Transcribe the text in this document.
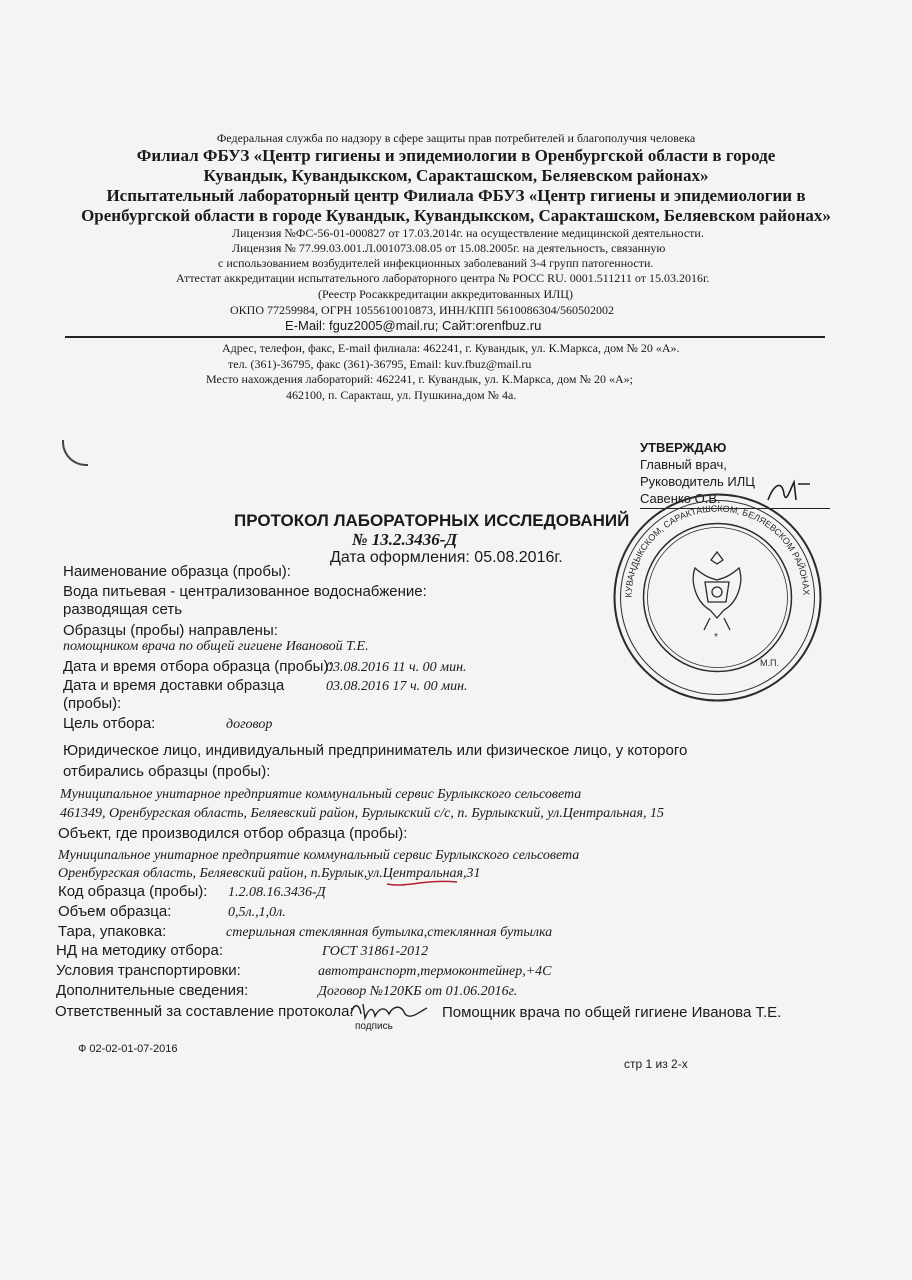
Федеральная служба по надзору в сфере защиты прав потребителей и благополучия человека
Филиал ФБУЗ «Центр гигиены и эпидемиологии в Оренбургской области в городе
Кувандык, Кувандыкском, Саракташском, Беляевском районах»
Испытательный лабораторный центр Филиала ФБУЗ «Центр гигиены и эпидемиологии в
Оренбургской области в городе Кувандык, Кувандыкском, Саракташском, Беляевском районах»
Лицензия №ФС-56-01-000827 от 17.03.2014г. на осуществление медицинской деятельности.
Лицензия № 77.99.03.001.Л.001073.08.05 от 15.08.2005г. на деятельность, связанную
с использованием возбудителей инфекционных заболеваний 3-4 групп патогенности.
Аттестат аккредитации испытательного лабораторного центра № РОСС RU. 0001.511211 от 15.03.2016г.
(Реестр Росаккредитации аккредитованных ИЛЦ)
ОКПО 77259984, ОГРН 1055610010873, ИНН/КПП 5610086304/560502002
E-Mail: fguz2005@mail.ru; Сайт:orenfbuz.ru
Адрес, телефон, факс, E-mail филиала: 462241, г. Кувандык, ул. К.Маркса, дом № 20 «А».
тел. (361)-36795, факс (361)-36795, Email: kuv.fbuz@mail.ru
Место нахождения лабораторий: 462241, г. Кувандык, ул. К.Маркса, дом № 20 «А»;
462100, п. Саракташ, ул. Пушкина,дом № 4а.
УТВЕРЖДАЮ
Главный врач,
Руководитель ИЛЦ
Савенко О.В.
КУВАНДЫКСКОМ, САРАКТАШСКОМ, БЕЛЯЕВСКОМ РАЙОНАХ
*
М.П.
ПРОТОКОЛ ЛАБОРАТОРНЫХ ИССЛЕДОВАНИЙ
№ 13.2.3436-Д
Дата оформления: 05.08.2016г.
Наименование образца (пробы):
Вода питьевая - централизованное водоснабжение:
разводящая сеть
Образцы (пробы) направлены:
помощником врача по общей гигиене Ивановой Т.Е.
Дата и время отбора образца (пробы):
03.08.2016 11 ч. 00 мин.
Дата и время доставки образца	03.08.2016 17 ч. 00 мин.
(пробы):
Цель отбора:	договор
Юридическое лицо, индивидуальный предприниматель или физическое лицо, у которого
отбирались образцы (пробы):
Муниципальное унитарное предприятие коммунальный сервис Бурлыкского сельсовета
461349, Оренбургская область, Беляевский район, Бурлыкский с/с, п. Бурлыкский, ул.Центральная, 15
Объект, где производился отбор образца (пробы):
Муниципальное унитарное предприятие коммунальный сервис Бурлыкского сельсовета
Оренбургская область, Беляевский район, п.Бурлык,ул.Центральная,31
Код образца (пробы): 1.2.08.16.3436-Д
Объем образца:	0,5л.,1,0л.
Тара, упаковка:	стерильная стеклянная бутылка,стеклянная бутылка
НД на методику отбора:	ГОСТ 31861-2012
Условия транспортировки:	автотранспорт,термоконтейнер,+4С
Дополнительные сведения:	Договор №120КБ от 01.06.2016г.
Ответственный за составление протокола:
подпись
Помощник врача по общей гигиене Иванова Т.Е.
Ф 02-02-01-07-2016
стр 1 из 2-х
